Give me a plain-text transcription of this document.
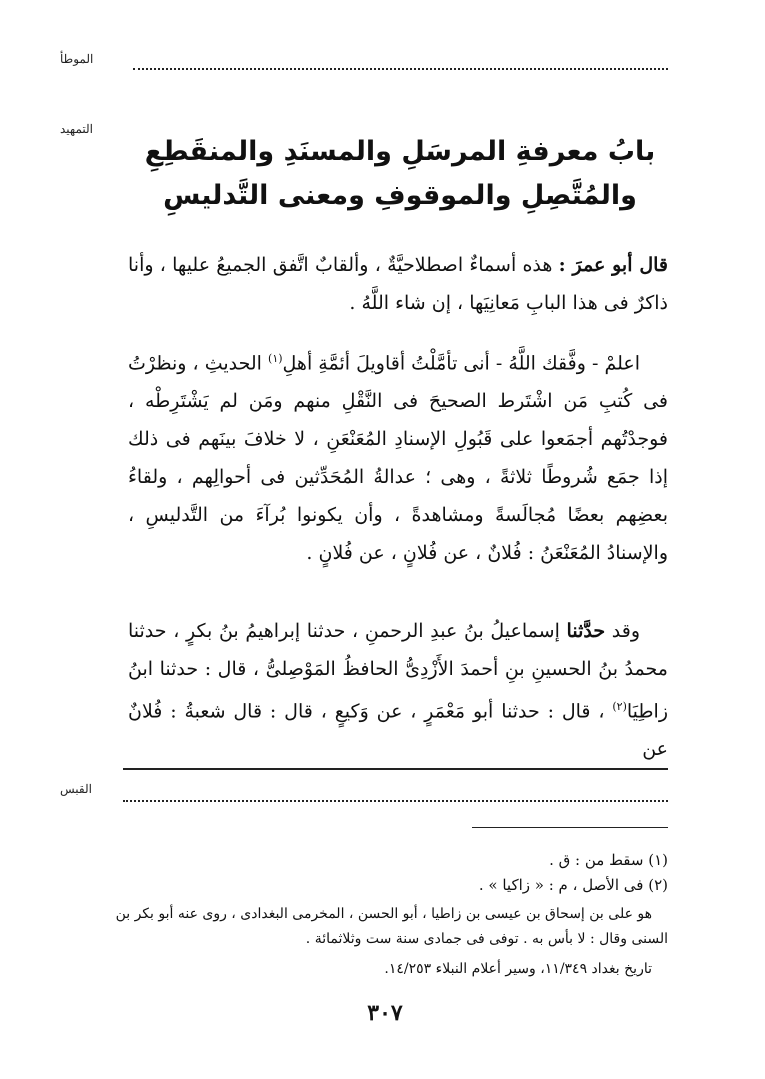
الموطأ
التمهيد
بابُ معرفةِ المرسَلِ والمسنَدِ والمنقَطِعِ
والمُتَّصِلِ والموقوفِ ومعنى التَّدليسِ
قال أبو عمرَ : هذه أسماءٌ اصطلاحيَّةٌ ، وألقابٌ اتَّفق الجميعُ عليها ، وأنا ذاكرٌ فى هذا البابِ مَعانِيَها ، إن شاء اللَّهُ .
اعلمْ - وفَّقك اللَّهُ - أنى تأمَّلْتُ أقاويلَ أئمَّةِ أهلِ$^{(١)}$ الحديثِ ، ونظرْتُ فى كُتبِ مَن اشْتَرط الصحيحَ فى النَّقْلِ منهم ومَن لم يَشْتَرِطْه ، فوجدْتُهم أجمَعوا على قَبُولِ الإسنادِ المُعَنْعَنِ ، لا خلافَ بينَهم فى ذلك إذا جمَع شُروطًا ثلاثةً ، وهى ؛ عدالةُ المُحَدِّثين فى أحوالِهم ، ولقاءُ بعضِهم بعضًا مُجالَسةً ومشاهدةً ، وأن يكونوا بُرآءَ من التَّدليسِ ، والإسنادُ المُعَنْعَنُ : فُلانٌ ، عن فُلانٍ ، عن فُلانٍ .
وقد حدَّثنا إسماعيلُ بنُ عبدِ الرحمنِ ، حدثنا إبراهيمُ بنُ بكرٍ ، حدثنا محمدُ بنُ الحسينِ بنِ أحمدَ الأَزْدِىُّ الحافظُ المَوْصِلىُّ ، قال : حدثنا ابنُ زاطِيَا$^{(٢)}$ ، قال : حدثنا أبو مَعْمَرٍ ، عن وَكيعٍ ، قال : قال شعبةُ : فُلانٌ عن
القبس
(١) سقط من : ق .
(٢) فى الأصل ، م : « زاكيا » .
هو على بن إسحاق بن عيسى بن زاطيا ، أبو الحسن ، المخرمى البغدادى ، روى عنه أبو بكر بن
السنى وقال : لا بأس به . توفى فى جمادى سنة ست وثلاثمائة .
تاريخ بغداد ١١/٣٤٩، وسير أعلام النبلاء ١٤/٢٥٣.
٣٠٧
